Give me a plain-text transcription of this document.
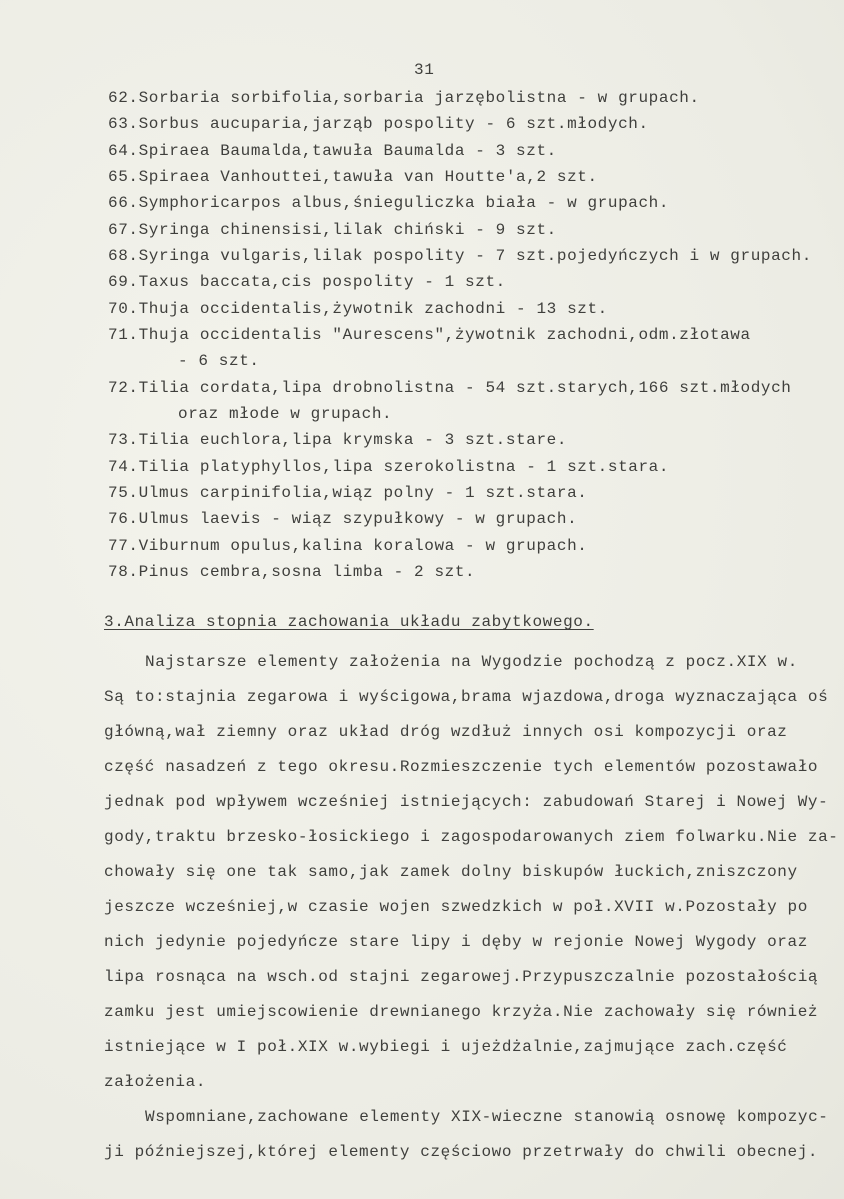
31
62.Sorbaria sorbifolia,sorbaria jarzębolistna - w grupach.
63.Sorbus aucuparia,jarząb pospolity - 6 szt.młodych.
64.Spiraea Baumalda,tawuła Baumalda - 3 szt.
65.Spiraea Vanhouttei,tawuła van Houtte'a,2 szt.
66.Symphoricarpos albus,śnieguliczka biała - w grupach.
67.Syringa chinensisi,lilak chiński - 9 szt.
68.Syringa vulgaris,lilak pospolity - 7 szt.pojedyńczych i w grupach.
69.Taxus baccata,cis pospolity - 1 szt.
70.Thuja occidentalis,żywotnik zachodni - 13 szt.
71.Thuja occidentalis "Aurescens",żywotnik zachodni,odm.złotawa
- 6 szt.
72.Tilia cordata,lipa drobnolistna - 54 szt.starych,166 szt.młodych
oraz młode w grupach.
73.Tilia euchlora,lipa krymska - 3 szt.stare.
74.Tilia platyphyllos,lipa szerokolistna - 1 szt.stara.
75.Ulmus carpinifolia,wiąz polny - 1 szt.stara.
76.Ulmus laevis - wiąz szypułkowy - w grupach.
77.Viburnum opulus,kalina koralowa - w grupach.
78.Pinus cembra,sosna limba - 2 szt.
3.Analiza stopnia zachowania układu zabytkowego.
Najstarsze elementy założenia na Wygodzie pochodzą z pocz.XIX w.
Są to:stajnia zegarowa i wyścigowa,brama wjazdowa,droga wyznaczająca oś
główną,wał ziemny oraz układ dróg wzdłuż innych osi kompozycji oraz
część nasadzeń z tego okresu.Rozmieszczenie tych elementów pozostawało
jednak pod wpływem wcześniej istniejących: zabudowań Starej i Nowej Wy-
gody,traktu brzesko-łosickiego i zagospodarowanych ziem folwarku.Nie za-
chowały się one tak samo,jak zamek dolny biskupów łuckich,zniszczony
jeszcze wcześniej,w czasie wojen szwedzkich w poł.XVII w.Pozostały po
nich jedynie pojedyńcze stare lipy i dęby w rejonie Nowej Wygody oraz
lipa rosnąca na wsch.od stajni zegarowej.Przypuszczalnie pozostałością
zamku jest umiejscowienie drewnianego krzyża.Nie zachowały się również
istniejące w I poł.XIX w.wybiegi i ujeżdżalnie,zajmujące zach.część
założenia.
Wspomniane,zachowane elementy XIX-wieczne stanowią osnowę kompozyc-
ji późniejszej,której elementy częściowo przetrwały do chwili obecnej.
